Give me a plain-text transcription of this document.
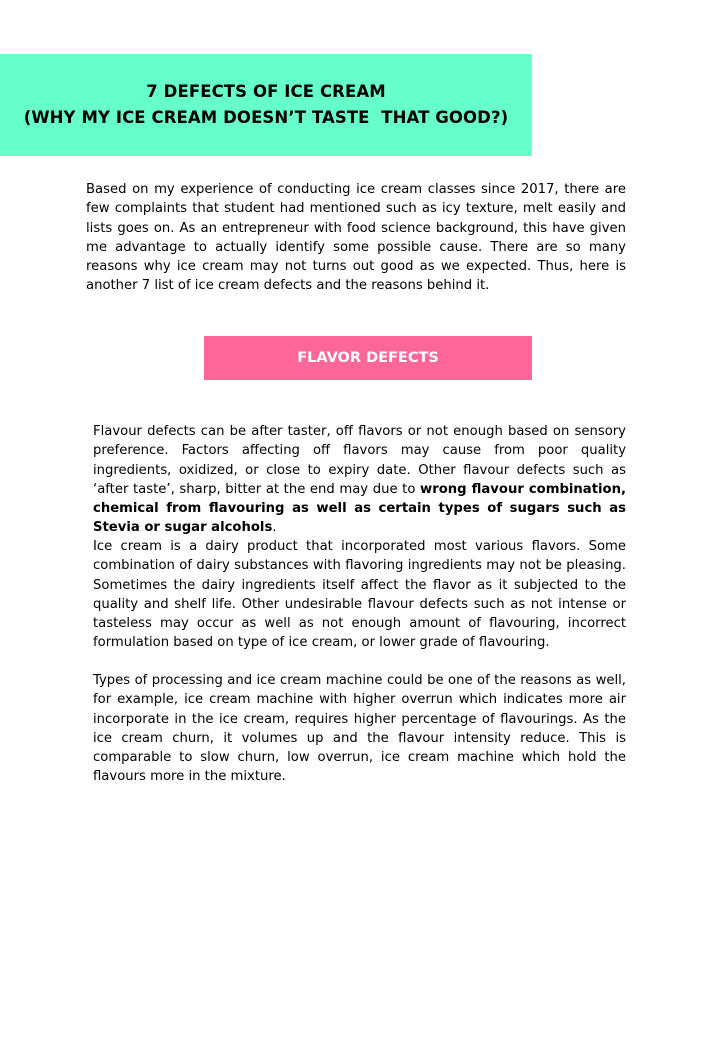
7 DEFECTS OF ICE CREAM
(WHY MY ICE CREAM DOESN’T TASTE  THAT GOOD?)

Based on my experience of conducting ice cream classes since 2017, there are few complaints that student had mentioned such as icy texture, melt easily and lists goes on. As an entrepreneur with food science background, this have given me advantage to actually identify some possible cause. There are so many reasons why ice cream may not turns out good as we expected. Thus, here is another 7 list of ice cream defects and the reasons behind it.

FLAVOR DEFECTS

Flavour defects can be after taster, off flavors or not enough based on sensory preference. Factors affecting off flavors may cause from poor quality ingredients, oxidized, or close to expiry date. Other flavour defects such as ‘after taste’, sharp, bitter at the end may due to wrong flavour combination, chemical from flavouring as well as certain types of sugars such as Stevia or sugar alcohols.

Ice cream is a dairy product that incorporated most various flavors. Some combination of dairy substances with flavoring ingredients may not be pleasing. Sometimes the dairy ingredients itself affect the flavor as it subjected to the quality and shelf life. Other undesirable flavour defects such as not intense or tasteless may occur as well as not enough amount of flavouring, incorrect formulation based on type of ice cream, or lower grade of flavouring.

Types of processing and ice cream machine could be one of the reasons as well, for example, ice cream machine with higher overrun which indicates more air incorporate in the ice cream, requires higher percentage of flavourings. As the ice cream churn, it volumes up and the flavour intensity reduce. This is comparable to slow churn, low overrun, ice cream machine which hold the flavours more in the mixture.
